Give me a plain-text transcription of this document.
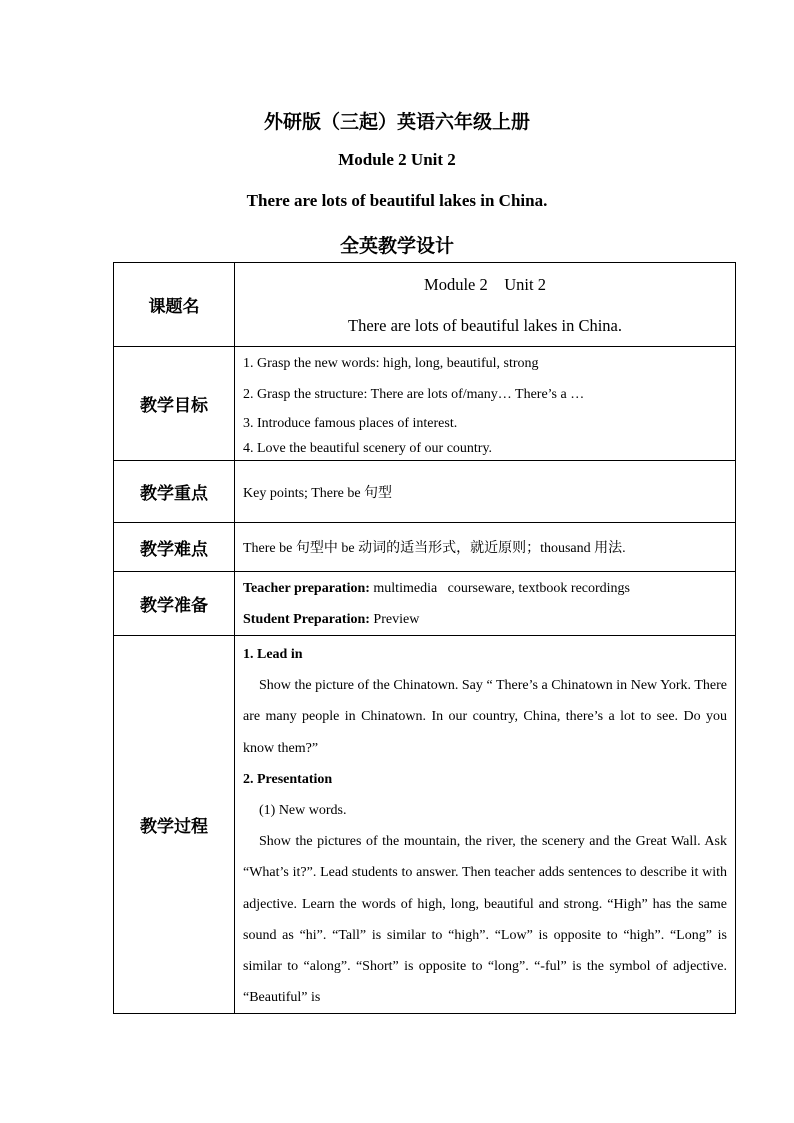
外研版（三起）英语六年级上册
Module 2 Unit 2
There are lots of beautiful lakes in China.
全英教学设计
课题名	Module 2    Unit 2
There are lots of beautiful lakes in China.

教学目标	1. Grasp the new words: high, long, beautiful, strong
2. Grasp the structure: There are lots of/many… There’s a …
3. Introduce famous places of interest.
4. Love the beautiful scenery of our country.

教学重点	Key points; There be 句型
教学难点	There be 句型中 be 动词的适当形式，就近原则；thousand 用法.
教学准备	Teacher preparation: multimedia   courseware, textbook recordings
Student Preparation: Preview

教学过程	1. Lead in
Show the picture of the Chinatown. Say “ There’s a Chinatown in New York. There are many people in Chinatown. In our country, China, there’s a lot to see. Do you know them?”
2. Presentation
(1) New words.
Show the pictures of the mountain, the river, the scenery and the Great Wall. Ask “What’s it?”. Lead students to answer. Then teacher adds sentences to describe it with adjective. Learn the words of high, long, beautiful and strong. “High” has the same sound as “hi”. “Tall” is similar to “high”. “Low” is opposite to “high”. “Long” is similar to “along”. “Short” is opposite to “long”. “-ful” is the symbol of adjective. “Beautiful” is
